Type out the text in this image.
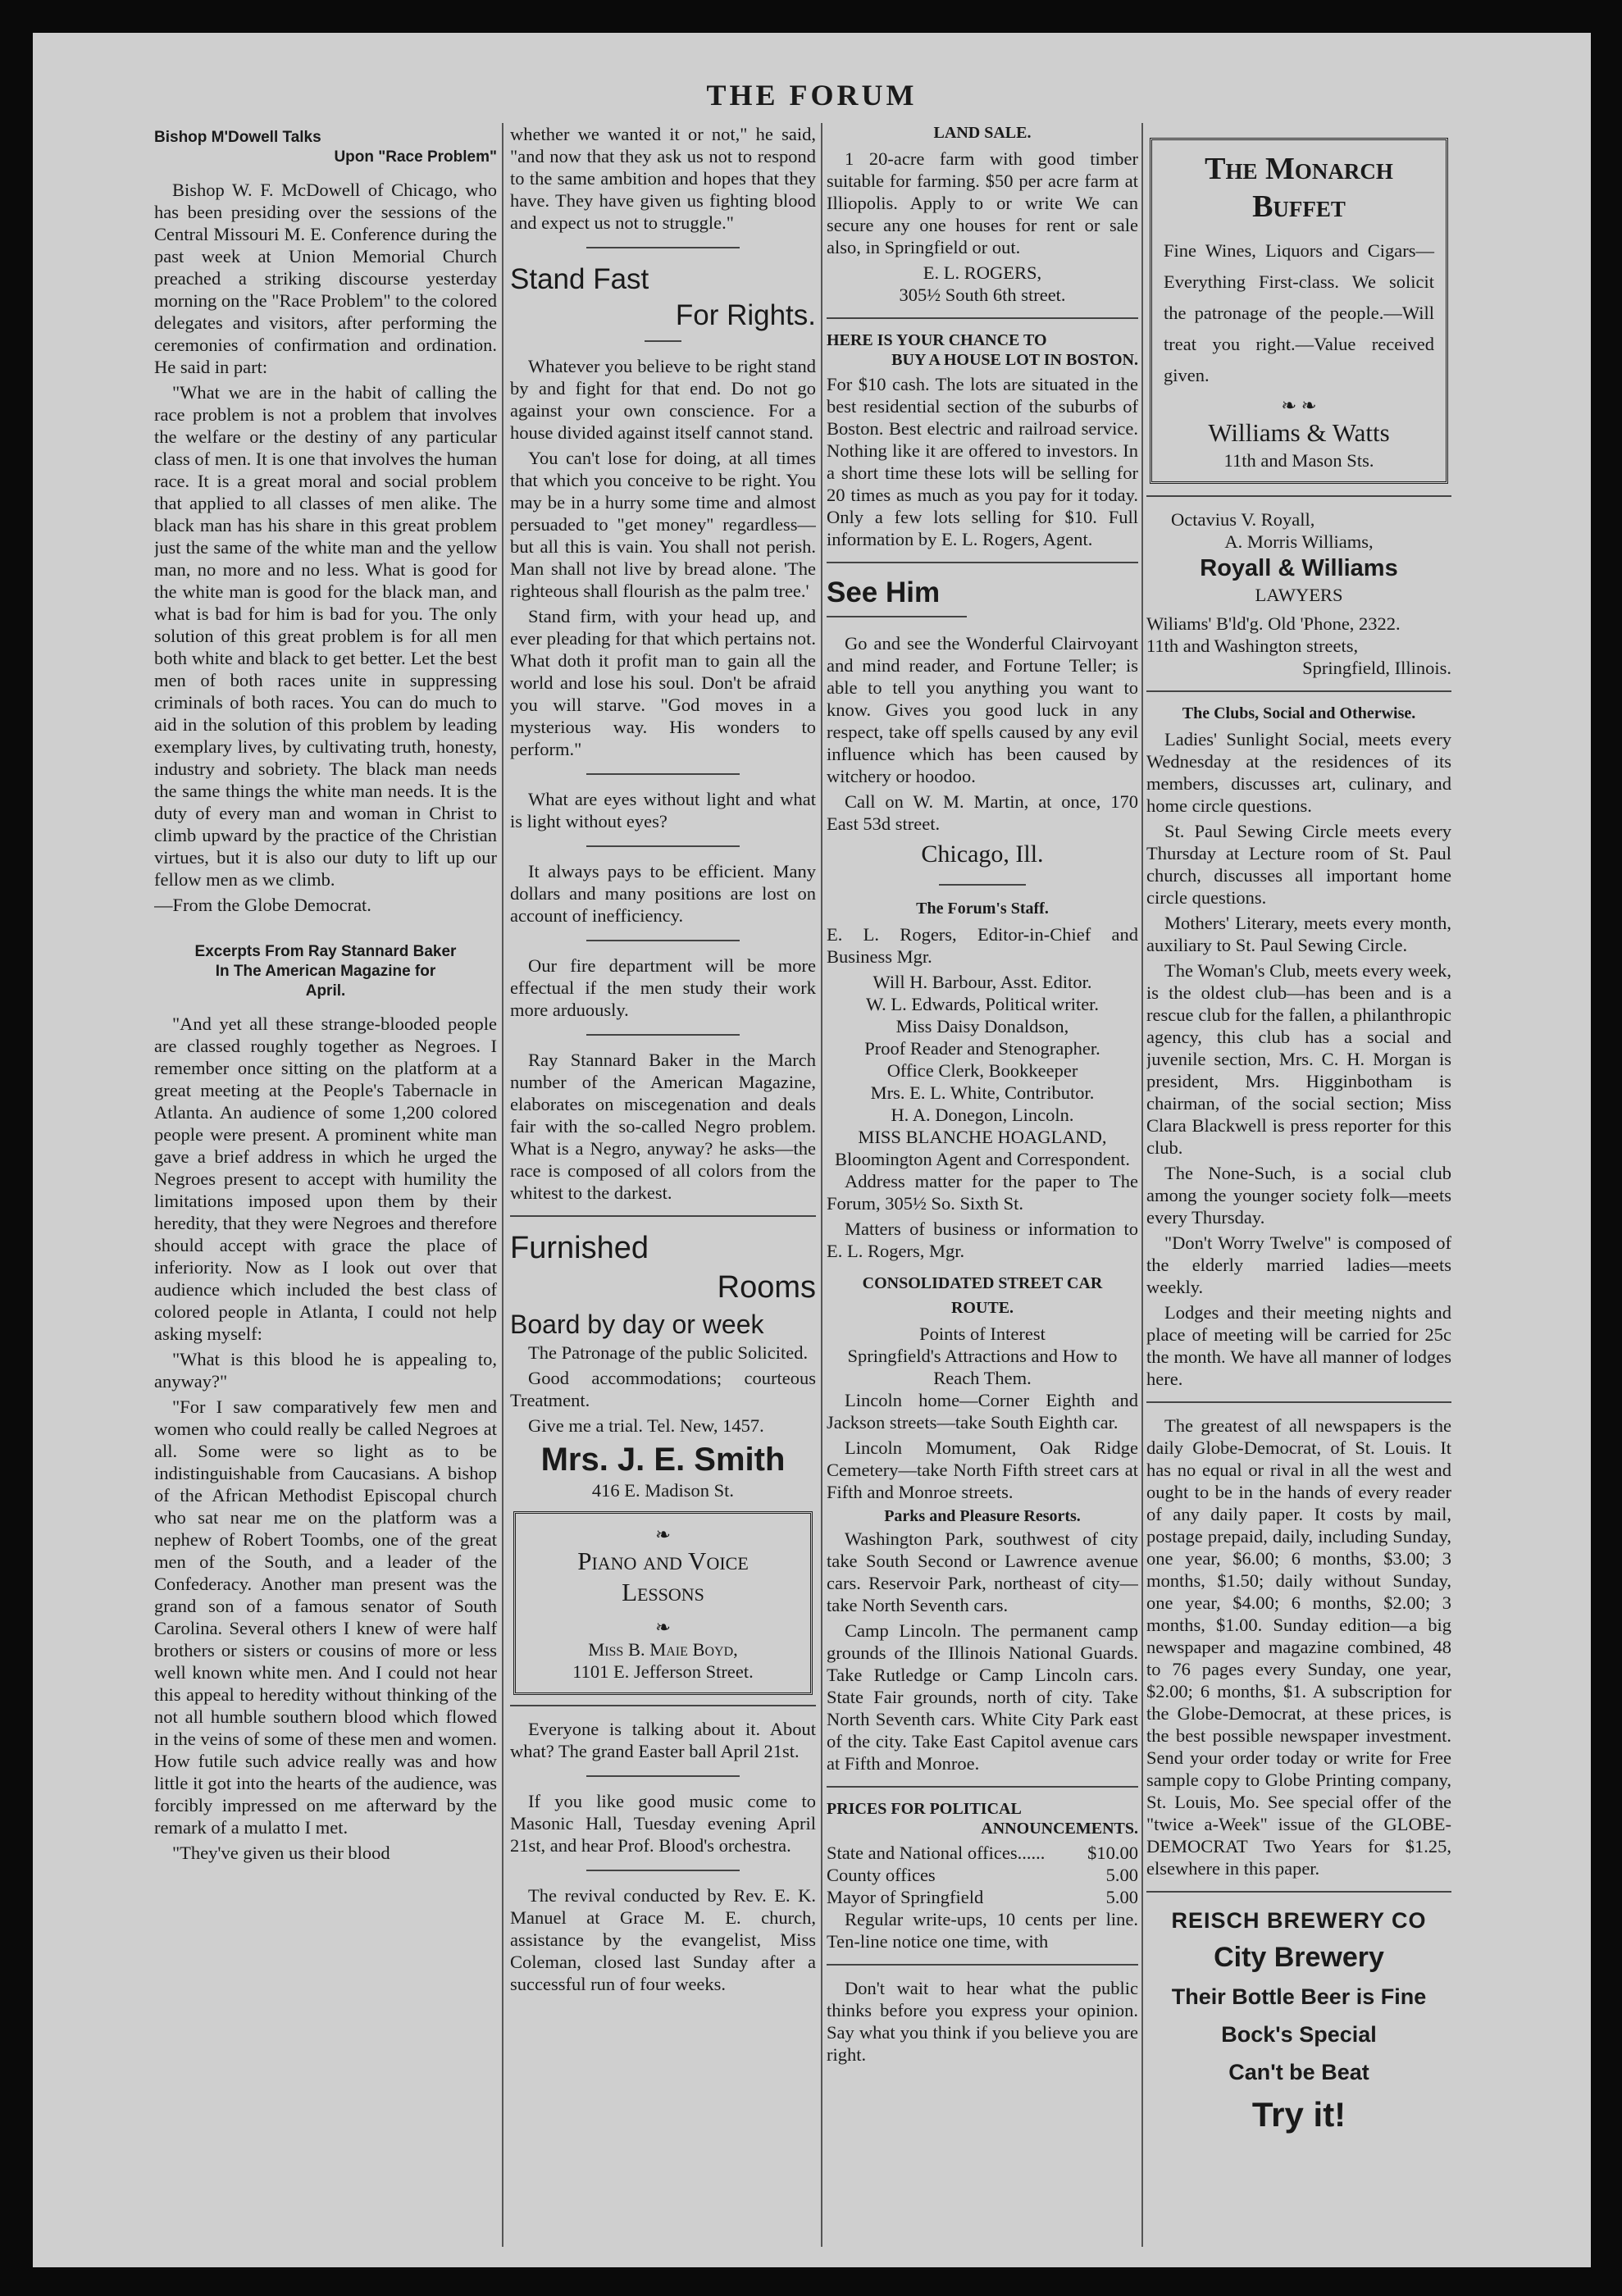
THE FORUM
Bishop M'Dowell Talks
Upon "Race Problem"

Bishop W. F. McDowell of Chicago, who has been presiding over the sessions of the Central Missouri M. E. Conference during the past week at Union Memorial Church preached a striking discourse yesterday morning on the "Race Problem" to the colored delegates and visitors, after performing the ceremonies of confirmation and ordination. He said in part:

"What we are in the habit of calling the race problem is not a problem that involves the welfare or the destiny of any particular class of men. It is one that involves the human race. It is a great moral and social problem that applied to all classes of men alike. The black man has his share in this great problem just the same of the white man and the yellow man, no more and no less. What is good for the white man is good for the black man, and what is bad for him is bad for you. The only solution of this great problem is for all men both white and black to get better. Let the best men of both races unite in suppressing criminals of both races. You can do much to aid in the solution of this problem by leading exemplary lives, by cultivating truth, honesty, industry and sobriety. The black man needs the same things the white man needs. It is the duty of every man and woman in Christ to climb upward by the practice of the Christian virtues, but it is also our duty to lift up our fellow men as we climb.

—From the Globe Democrat.

Excerpts From Ray Stannard Baker
In The American Magazine for
April.

"And yet all these strange-blooded people are classed roughly together as Negroes. I remember once sitting on the platform at a great meeting at the People's Tabernacle in Atlanta. An audience of some 1,200 colored people were present. A prominent white man gave a brief address in which he urged the Negroes present to accept with humility the limitations imposed upon them by their heredity, that they were Negroes and therefore should accept with grace the place of inferiority. Now as I look out over that audience which included the best class of colored people in Atlanta, I could not help asking myself:

"What is this blood he is appealing to, anyway?"

"For I saw comparatively few men and women who could really be called Negroes at all. Some were so light as to be indistinguishable from Caucasians. A bishop of the African Methodist Episcopal church who sat near me on the platform was a nephew of Robert Toombs, one of the great men of the South, and a leader of the Confederacy. Another man present was the grand son of a famous senator of South Carolina. Several others I knew of were half brothers or sisters or cousins of more or less well known white men. And I could not hear this appeal to heredity without thinking of the not all humble southern blood which flowed in the veins of some of these men and women. How futile such advice really was and how little it got into the hearts of the audience, was forcibly impressed on me afterward by the remark of a mulatto I met.

"They've given us their blood

whether we wanted it or not," he said, "and now that they ask us not to respond to the same ambition and hopes that they have. They have given us fighting blood and expect us not to struggle."

Stand Fast
For Rights.

Whatever you believe to be right stand by and fight for that end. Do not go against your own conscience. For a house divided against itself cannot stand.

You can't lose for doing, at all times that which you conceive to be right. You may be in a hurry some time and almost persuaded to "get money" regardless—but all this is vain. You shall not perish. Man shall not live by bread alone. 'The righteous shall flourish as the palm tree.'

Stand firm, with your head up, and ever pleading for that which pertains not. What doth it profit man to gain all the world and lose his soul. Don't be afraid you will starve. "God moves in a mysterious way. His wonders to perform."

What are eyes without light and what is light without eyes?

It always pays to be efficient. Many dollars and many positions are lost on account of inefficiency.

Our fire department will be more effectual if the men study their work more arduously.

Ray Stannard Baker in the March number of the American Magazine, elaborates on miscegenation and deals fair with the so-called Negro problem. What is a Negro, anyway? he asks—the race is composed of all colors from the whitest to the darkest.

Furnished
Rooms
Board by day or week

The Patronage of the public Solicited.

Good accommodations; courteous Treatment.

Give me a trial. Tel. New, 1457.

Mrs. J. E. Smith
416 E. Madison St.
❧
Piano and Voice
Lessons
❧
Miss B. Maie Boyd,
1101 E. Jefferson Street.

Everyone is talking about it. About what? The grand Easter ball April 21st.

If you like good music come to Masonic Hall, Tuesday evening April 21st, and hear Prof. Blood's orchestra.

The revival conducted by Rev. E. K. Manuel at Grace M. E. church, assistance by the evangelist, Miss Coleman, closed last Sunday after a successful run of four weeks.

LAND SALE.

1 20-acre farm with good timber suitable for farming. $50 per acre farm at Illiopolis. Apply to or write We can secure any one houses for rent or sale also, in Springfield or out.

E. L. ROGERS,
305½ South 6th street.
HERE IS YOUR CHANCE TO
BUY A HOUSE LOT IN BOSTON.

For $10 cash. The lots are situated in the best residential section of the suburbs of Boston. Best electric and railroad service. Nothing like it are offered to investors. In a short time these lots will be selling for 20 times as much as you pay for it today. Only a few lots selling for $10. Full information by E. L. Rogers, Agent.

See Him

Go and see the Wonderful Clairvoyant and mind reader, and Fortune Teller; is able to tell you anything you want to know. Gives you good luck in any respect, take off spells caused by any evil influence which has been caused by witchery or hoodoo.

Call on W. M. Martin, at once, 170 East 53d street.

Chicago, Ill.
The Forum's Staff.

E. L. Rogers, Editor-in-Chief and Business Mgr.

Will H. Barbour, Asst. Editor.
W. L. Edwards, Political writer.
Miss Daisy Donaldson,
Proof Reader and Stenographer.
Office Clerk, Bookkeeper
Mrs. E. L. White, Contributor.
H. A. Donegon, Lincoln.
MISS BLANCHE HOAGLAND,
Bloomington Agent and Correspondent.

Address matter for the paper to The Forum, 305½ So. Sixth St.

Matters of business or information to E. L. Rogers, Mgr.

CONSOLIDATED STREET CAR
ROUTE.
Points of Interest
Springfield's Attractions and How to Reach Them.

Lincoln home—Corner Eighth and Jackson streets—take South Eighth car.

Lincoln Momument, Oak Ridge Cemetery—take North Fifth street cars at Fifth and Monroe streets.

Parks and Pleasure Resorts.

Washington Park, southwest of city take South Second or Lawrence avenue cars. Reservoir Park, northeast of city—take North Seventh cars.

Camp Lincoln. The permanent camp grounds of the Illinois National Guards. Take Rutledge or Camp Lincoln cars. State Fair grounds, north of city. Take North Seventh cars. White City Park east of the city. Take East Capitol avenue cars at Fifth and Monroe.

PRICES FOR POLITICAL
ANNOUNCEMENTS.
State and National offices...... $10.00
County offices	5.00
Mayor of Springfield	5.00

Regular write-ups, 10 cents per line. Ten-line notice one time, with

Don't wait to hear what the public thinks before you express your opinion. Say what you think if you believe you are right.

The Monarch
Buffet

Fine Wines, Liquors and Cigars—Everything First-class. We solicit the patronage of the people.—Will treat you right.—Value received given.

❧ ❧
Williams & Watts
11th and Mason Sts.
Octavius V. Royall,
A. Morris Williams,
Royall & Williams
LAWYERS
Wiliams' B'ld'g. Old 'Phone, 2322.
11th and Washington streets,
Springfield, Illinois.
The Clubs, Social and Otherwise.

Ladies' Sunlight Social, meets every Wednesday at the residences of its members, discusses art, culinary, and home circle questions.

St. Paul Sewing Circle meets every Thursday at Lecture room of St. Paul church, discusses all important home circle questions.

Mothers' Literary, meets every month, auxiliary to St. Paul Sewing Circle.

The Woman's Club, meets every week, is the oldest club—has been and is a rescue club for the fallen, a philanthropic agency, this club has a social and juvenile section, Mrs. C. H. Morgan is president, Mrs. Higginbotham is chairman, of the social section; Miss Clara Blackwell is press reporter for this club.

The None-Such, is a social club among the younger society folk—meets every Thursday.

"Don't Worry Twelve" is composed of the elderly married ladies—meets weekly.

Lodges and their meeting nights and place of meeting will be carried for 25c the month. We have all manner of lodges here.

The greatest of all newspapers is the daily Globe-Democrat, of St. Louis. It has no equal or rival in all the west and ought to be in the hands of every reader of any daily paper. It costs by mail, postage prepaid, daily, including Sunday, one year, $6.00; 6 months, $3.00; 3 months, $1.50; daily without Sunday, one year, $4.00; 6 months, $2.00; 3 months, $1.00. Sunday edition—a big newspaper and magazine combined, 48 to 76 pages every Sunday, one year, $2.00; 6 months, $1. A subscription for the Globe-Democrat, at these prices, is the best possible newspaper investment. Send your order today or write for Free sample copy to Globe Printing company, St. Louis, Mo. See special offer of the "twice a-Week" issue of the GLOBE-DEMOCRAT Two Years for $1.25, elsewhere in this paper.

REISCH BREWERY CO
City Brewery
Their Bottle Beer is Fine
Bock's Special
Can't be Beat
Try it!
